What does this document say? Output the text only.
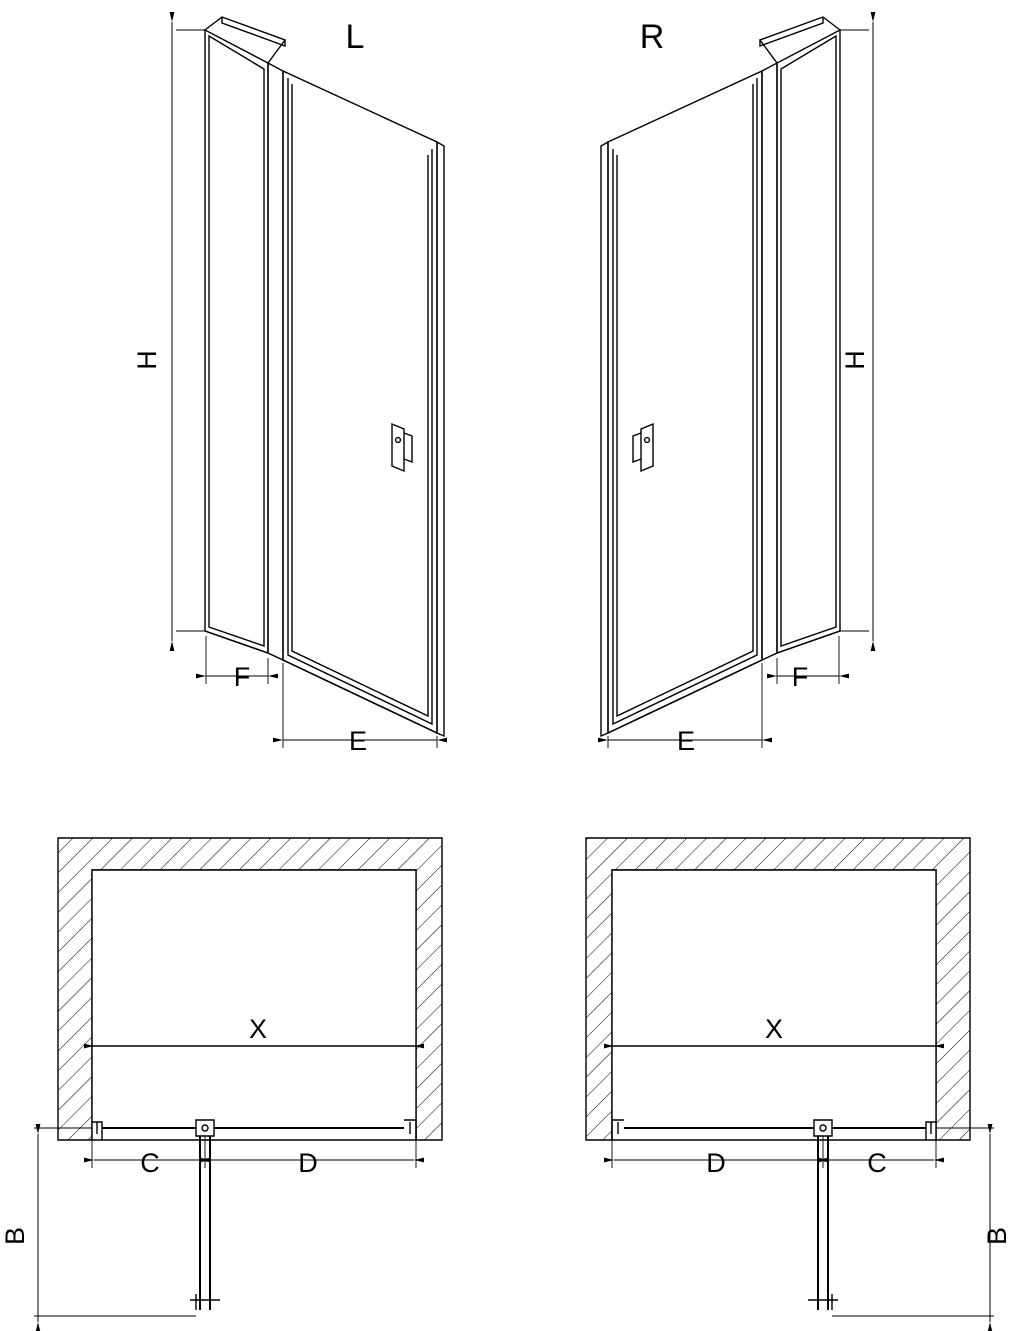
L	R
H	H
F
E	E
F
X
C	D
B
X
D	C
B
